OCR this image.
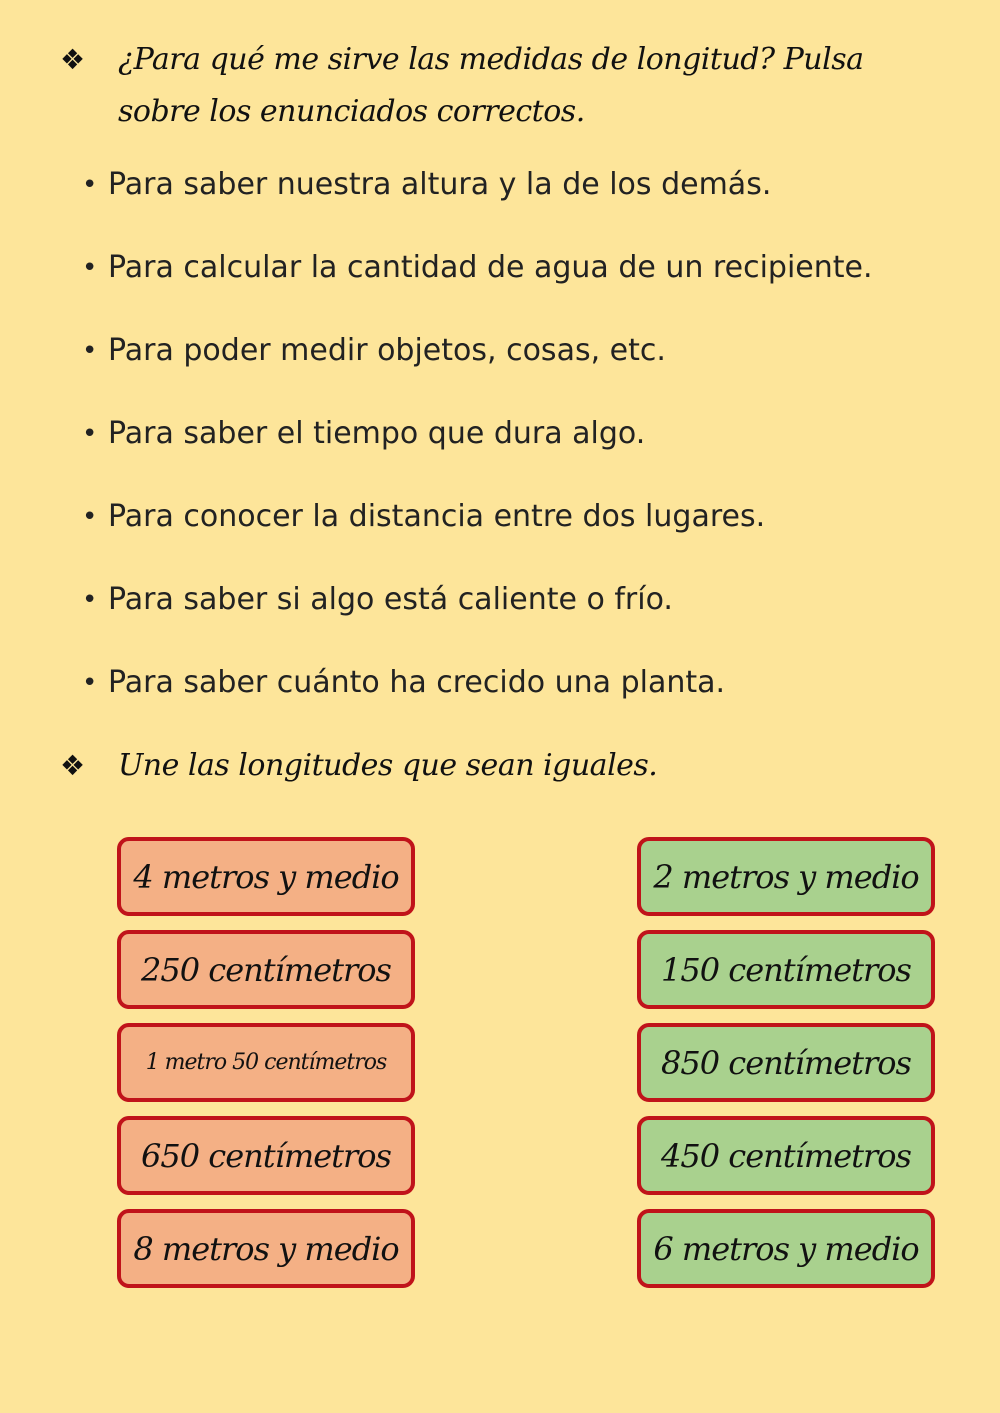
❖	¿Para qué me sirve las medidas de longitud? Pulsa sobre los enunciados correctos.
• Para saber nuestra altura y la de los demás.
• Para calcular la cantidad de agua de un recipiente.
• Para poder medir objetos, cosas, etc.
• Para saber el tiempo que dura algo.
• Para conocer la distancia entre dos lugares.
• Para saber si algo está caliente o frío.
• Para saber cuánto ha crecido una planta.
❖	Une las longitudes que sean iguales.
4 metros y medio
250 centímetros
1 metro 50 centímetros
650 centímetros
8 metros y medio
2 metros y medio
150 centímetros
850 centímetros
450 centímetros
6 metros y medio
